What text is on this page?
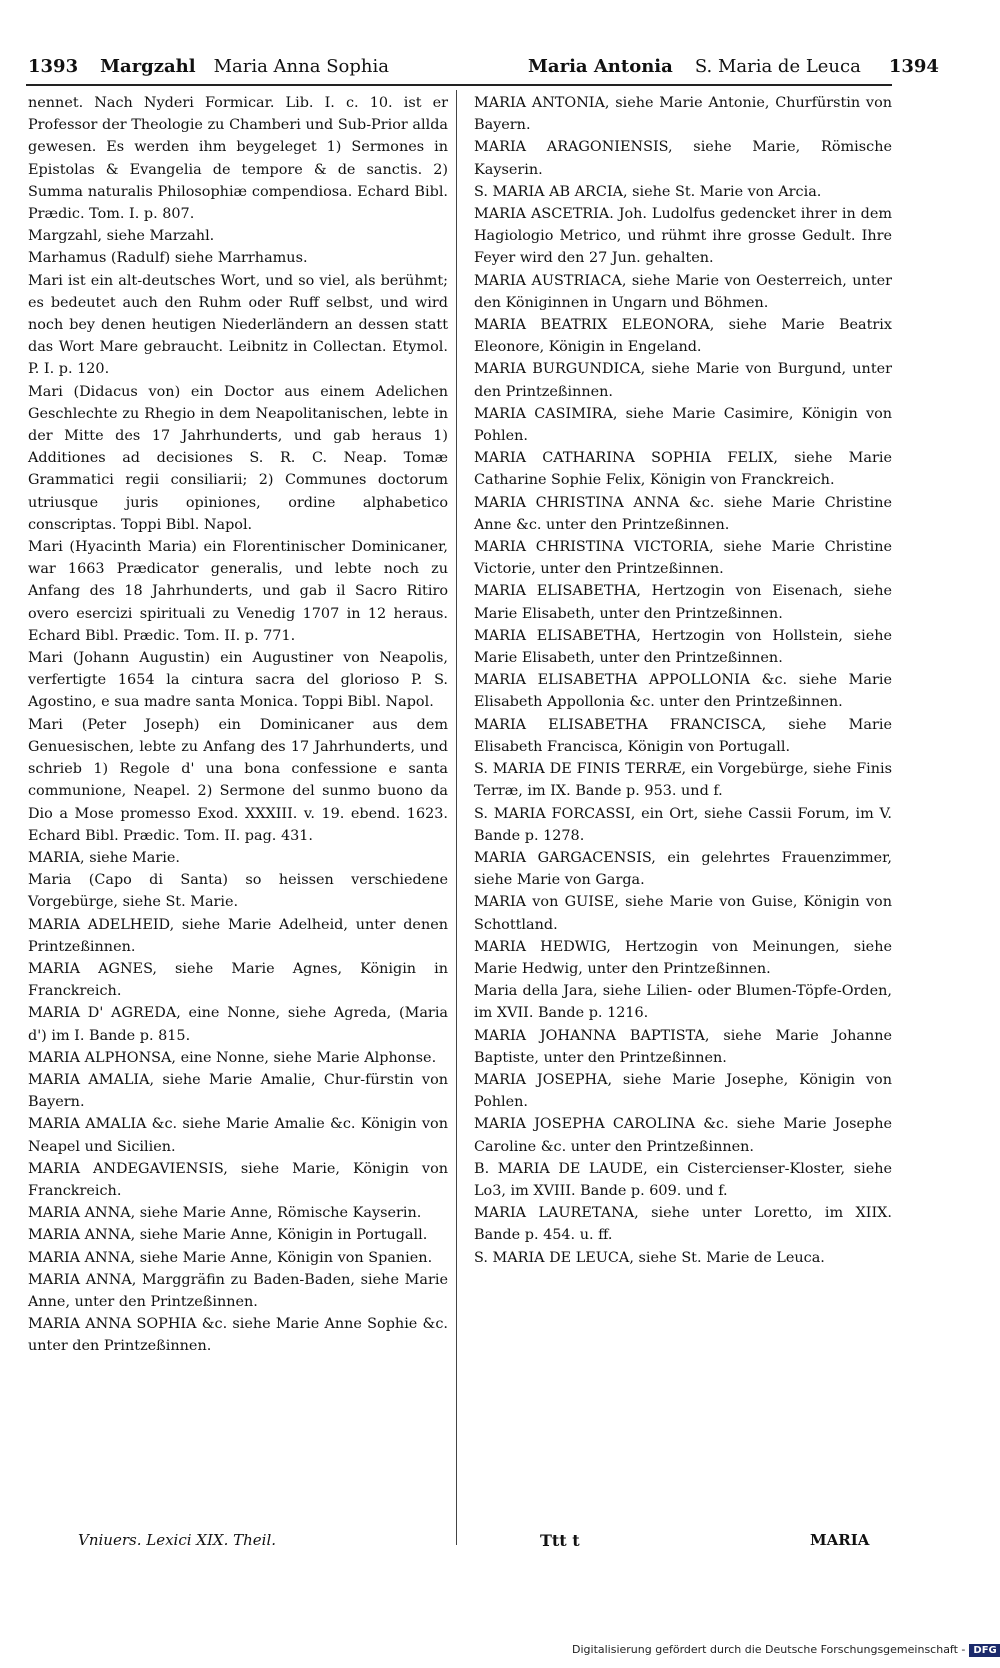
1393 Margzahl Maria Anna Sophia	Maria Antonia S. Maria de Leuca 1394

nennet. Nach Nyderi Formicar. Lib. I. c. 10. ist er Professor der Theologie zu Chamberi und Sub-Prior allda gewesen. Es werden ihm beygeleget 1) Sermones in Epistolas & Evangelia de tempore & de sanctis. 2) Summa naturalis Philosophiæ compendiosa. Echard Bibl. Prædic. Tom. I. p. 807.

Margzahl, siehe Marzahl.

Marhamus (Radulf) siehe Marrhamus.

Mari ist ein alt-deutsches Wort, und so viel, als berühmt; es bedeutet auch den Ruhm oder Ruff selbst, und wird noch bey denen heutigen Niederländern an dessen statt das Wort Mare gebraucht. Leibnitz in Collectan. Etymol. P. I. p. 120.

Mari (Didacus von) ein Doctor aus einem Adelichen Geschlechte zu Rhegio in dem Neapolitanischen, lebte in der Mitte des 17 Jahrhunderts, und gab heraus 1) Additiones ad decisiones S. R. C. Neap. Tomæ Grammatici regii consiliarii; 2) Communes doctorum utriusque juris opiniones, ordine alphabetico conscriptas. Toppi Bibl. Napol.

Mari (Hyacinth Maria) ein Florentinischer Dominicaner, war 1663 Prædicator generalis, und lebte noch zu Anfang des 18 Jahrhunderts, und gab il Sacro Ritiro overo esercizi spirituali zu Venedig 1707 in 12 heraus. Echard Bibl. Prædic. Tom. II. p. 771.

Mari (Johann Augustin) ein Augustiner von Neapolis, verfertigte 1654 la cintura sacra del glorioso P. S. Agostino, e sua madre santa Monica. Toppi Bibl. Napol.

Mari (Peter Joseph) ein Dominicaner aus dem Genuesischen, lebte zu Anfang des 17 Jahrhunderts, und schrieb 1) Regole d' una bona confessione e santa communione, Neapel. 2) Sermone del sunmo buono da Dio a Mose promesso Exod. XXXIII. v. 19. ebend. 1623. Echard Bibl. Prædic. Tom. II. pag. 431.

MARIA, siehe Marie.

Maria (Capo di Santa) so heissen verschiedene Vorgebürge, siehe St. Marie.

MARIA ADELHEID, siehe Marie Adelheid, unter denen Printzeßinnen.

MARIA AGNES, siehe Marie Agnes, Königin in Franckreich.

MARIA D' AGREDA, eine Nonne, siehe Agreda, (Maria d') im I. Bande p. 815.

MARIA ALPHONSA, eine Nonne, siehe Marie Alphonse.

MARIA AMALIA, siehe Marie Amalie, Chur-fürstin von Bayern.

MARIA AMALIA &c. siehe Marie Amalie &c. Königin von Neapel und Sicilien.

MARIA ANDEGAVIENSIS, siehe Marie, Königin von Franckreich.

MARIA ANNA, siehe Marie Anne, Römische Kayserin.

MARIA ANNA, siehe Marie Anne, Königin in Portugall.

MARIA ANNA, siehe Marie Anne, Königin von Spanien.

MARIA ANNA, Marggräfin zu Baden-Baden, siehe Marie Anne, unter den Printzeßinnen.

MARIA ANNA SOPHIA &c. siehe Marie Anne Sophie &c. unter den Printzeßinnen.

MARIA ANTONIA, siehe Marie Antonie, Churfürstin von Bayern.

MARIA ARAGONIENSIS, siehe Marie, Römische Kayserin.

S. MARIA AB ARCIA, siehe St. Marie von Arcia.

MARIA ASCETRIA. Joh. Ludolfus gedencket ihrer in dem Hagiologio Metrico, und rühmt ihre grosse Gedult. Ihre Feyer wird den 27 Jun. gehalten.

MARIA AUSTRIACA, siehe Marie von Oesterreich, unter den Königinnen in Ungarn und Böhmen.

MARIA BEATRIX ELEONORA, siehe Marie Beatrix Eleonore, Königin in Engeland.

MARIA BURGUNDICA, siehe Marie von Burgund, unter den Printzeßinnen.

MARIA CASIMIRA, siehe Marie Casimire, Königin von Pohlen.

MARIA CATHARINA SOPHIA FELIX, siehe Marie Catharine Sophie Felix, Königin von Franckreich.

MARIA CHRISTINA ANNA &c. siehe Marie Christine Anne &c. unter den Printzeßinnen.

MARIA CHRISTINA VICTORIA, siehe Marie Christine Victorie, unter den Printzeßinnen.

MARIA ELISABETHA, Hertzogin von Eisenach, siehe Marie Elisabeth, unter den Printzeßinnen.

MARIA ELISABETHA, Hertzogin von Hollstein, siehe Marie Elisabeth, unter den Printzeßinnen.

MARIA ELISABETHA APPOLLONIA &c. siehe Marie Elisabeth Appollonia &c. unter den Printzeßinnen.

MARIA ELISABETHA FRANCISCA, siehe Marie Elisabeth Francisca, Königin von Portugall.

S. MARIA DE FINIS TERRÆ, ein Vorgebürge, siehe Finis Terræ, im IX. Bande p. 953. und f.

S. MARIA FORCASSI, ein Ort, siehe Cassii Forum, im V. Bande p. 1278.

MARIA GARGACENSIS, ein gelehrtes Frauenzimmer, siehe Marie von Garga.

MARIA von GUISE, siehe Marie von Guise, Königin von Schottland.

MARIA HEDWIG, Hertzogin von Meinungen, siehe Marie Hedwig, unter den Printzeßinnen.

Maria della Jara, siehe Lilien- oder Blumen-Töpfe-Orden, im XVII. Bande p. 1216.

MARIA JOHANNA BAPTISTA, siehe Marie Johanne Baptiste, unter den Printzeßinnen.

MARIA JOSEPHA, siehe Marie Josephe, Königin von Pohlen.

MARIA JOSEPHA CAROLINA &c. siehe Marie Josephe Caroline &c. unter den Printzeßinnen.

B. MARIA DE LAUDE, ein Cistercienser-Kloster, siehe Lo3, im XVIII. Bande p. 609. und f.

MARIA LAURETANA, siehe unter Loretto, im XIIX. Bande p. 454. u. ff.

S. MARIA DE LEUCA, siehe St. Marie de Leuca.

Vniuers. Lexici XIX. Theil.	Ttt t	MARIA
Digitalisierung gefördert durch die Deutsche Forschungsgemeinschaft - DFG
